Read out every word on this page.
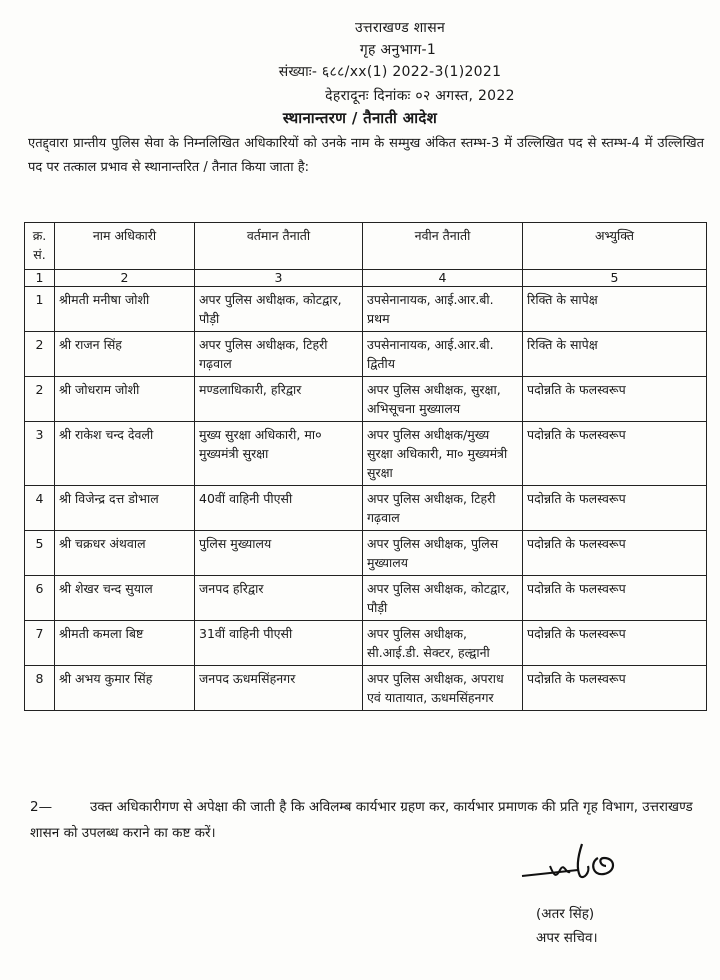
उत्तराखण्ड शासन
गृह अनुभाग-1
संख्याः- ६८८/xx(1) 2022-3(1)2021
देहरादूनः दिनांकः ०२ अगस्त, 2022
स्थानान्तरण / तैनाती आदेश
एतद्द्वारा प्रान्तीय पुलिस सेवा के निम्नलिखित अधिकारियों को उनके नाम के सम्मुख अंकित स्तम्भ-3 में उल्लिखित पद से स्तम्भ-4 में उल्लिखित पद पर तत्काल प्रभाव से स्थानान्तरित / तैनात किया जाता है:
क्र. सं.	नाम अधिकारी	वर्तमान तैनाती	नवीन तैनाती	अभ्युक्ति
1	2	3	4	5
1	श्रीमती मनीषा जोशी	अपर पुलिस अधीक्षक, कोटद्वार, पौड़ी	उपसेनानायक, आई.आर.बी. प्रथम	रिक्ति के सापेक्ष
2	श्री राजन सिंह	अपर पुलिस अधीक्षक, टिहरी गढ़वाल	उपसेनानायक, आई.आर.बी. द्वितीय	रिक्ति के सापेक्ष
2	श्री जोधराम जोशी	मण्डलाधिकारी, हरिद्वार	अपर पुलिस अधीक्षक, सुरक्षा, अभिसूचना मुख्यालय	पदोन्नति के फलस्वरूप
3	श्री राकेश चन्द देवली	मुख्य सुरक्षा अधिकारी, मा० मुख्यमंत्री सुरक्षा	अपर पुलिस अधीक्षक/मुख्य सुरक्षा अधिकारी, मा० मुख्यमंत्री सुरक्षा	पदोन्नति के फलस्वरूप
4	श्री विजेन्द्र दत्त डोभाल	40वीं वाहिनी पीएसी	अपर पुलिस अधीक्षक, टिहरी गढ़वाल	पदोन्नति के फलस्वरूप
5	श्री चक्रधर अंथवाल	पुलिस मुख्यालय	अपर पुलिस अधीक्षक, पुलिस मुख्यालय	पदोन्नति के फलस्वरूप
6	श्री शेखर चन्द सुयाल	जनपद हरिद्वार	अपर पुलिस अधीक्षक, कोटद्वार, पौड़ी	पदोन्नति के फलस्वरूप
7	श्रीमती कमला बिष्ट	31वीं वाहिनी पीएसी	अपर पुलिस अधीक्षक, सी.आई.डी. सेक्टर, हल्द्वानी	पदोन्नति के फलस्वरूप
8	श्री अभय कुमार सिंह	जनपद ऊधमसिंहनगर	अपर पुलिस अधीक्षक, अपराध एवं यातायात, ऊधमसिंहनगर	पदोन्नति के फलस्वरूप
2—	उक्त अधिकारीगण से अपेक्षा की जाती है कि अविलम्ब कार्यभार ग्रहण कर, कार्यभार प्रमाणक की प्रति गृह विभाग, उत्तराखण्ड शासन को उपलब्ध कराने का कष्ट करें।
(अतर सिंह)
अपर सचिव।
